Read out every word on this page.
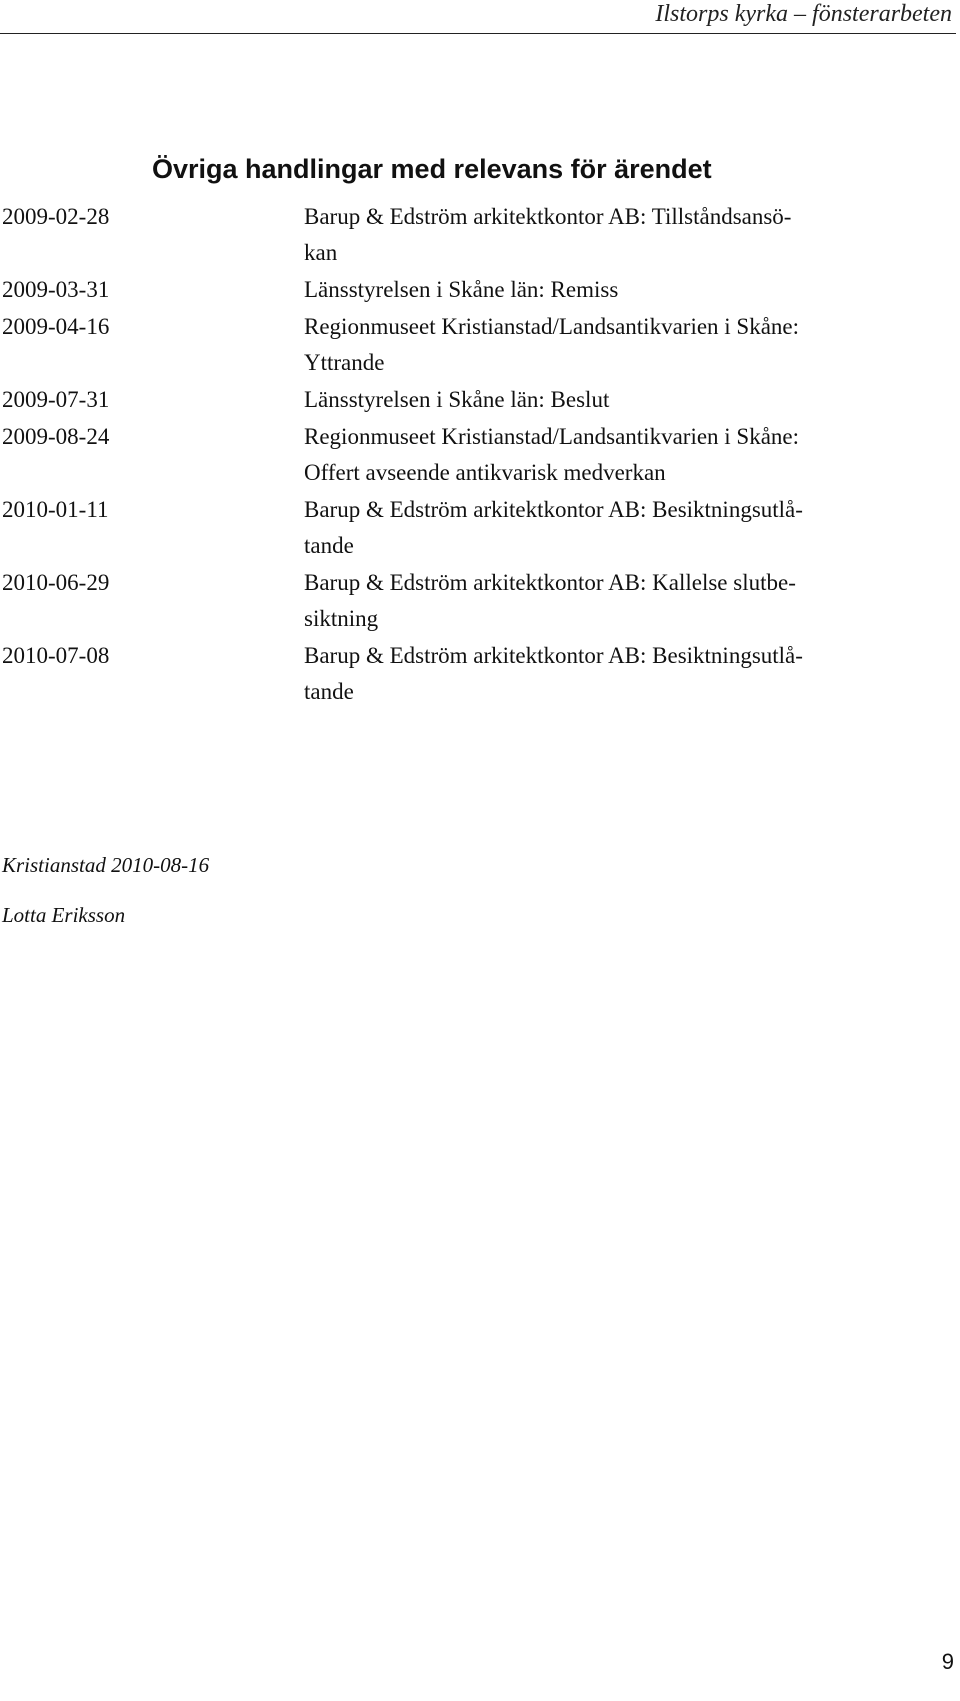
Ilstorps kyrka – fönsterarbeten
Övriga handlingar med relevans för ärendet
2009-02-28	Barup & Edström arkitektkontor AB: Tillståndsansö-
kan
2009-03-31	Länsstyrelsen i Skåne län: Remiss
2009-04-16	Regionmuseet Kristianstad/Landsantikvarien i Skåne:
Yttrande
2009-07-31	Länsstyrelsen i Skåne län: Beslut
2009-08-24	Regionmuseet Kristianstad/Landsantikvarien i Skåne:
Offert avseende antikvarisk medverkan
2010-01-11	Barup & Edström arkitektkontor AB: Besiktningsutlå-
tande
2010-06-29	Barup & Edström arkitektkontor AB: Kallelse slutbe-
siktning
2010-07-08	Barup & Edström arkitektkontor AB: Besiktningsutlå-
tande

Kristianstad 2010-08-16

Lotta Eriksson

9
